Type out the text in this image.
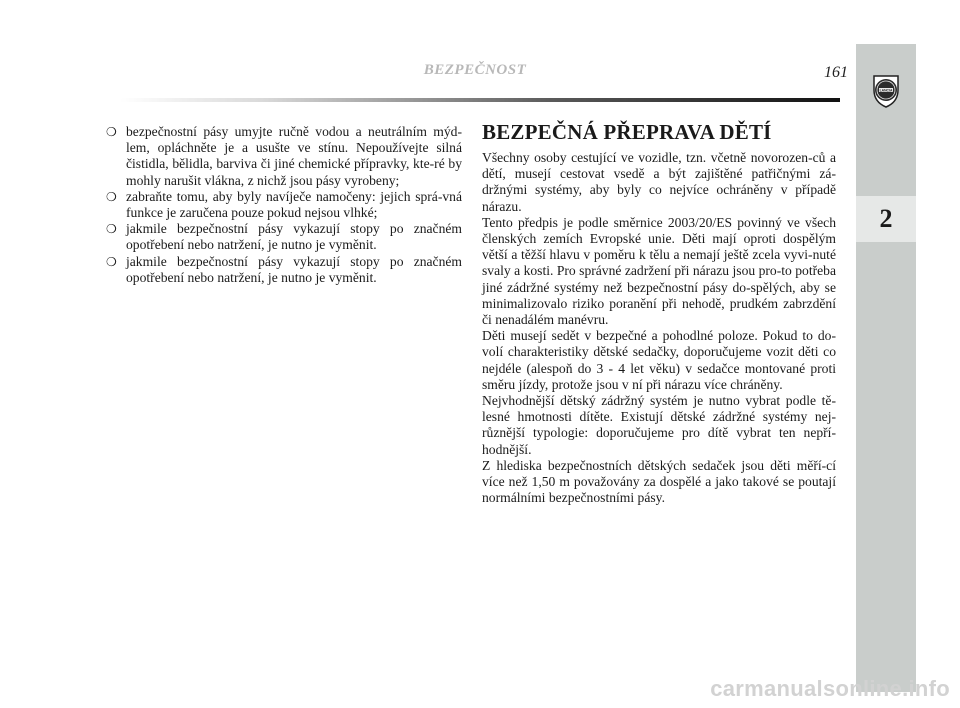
BEZPEČNOST	161
LANCIA
2
❍ bezpečnostní pásy umyjte ručně vodou a neutrálním mýd-lem, opláchněte je a usušte ve stínu. Nepoužívejte silná čistidla, bělidla, barviva či jiné chemické přípravky, kte-ré by mohly narušit vlákna, z nichž jsou pásy vyrobeny;
❍ zabraňte tomu, aby byly navíječe namočeny: jejich sprá-vná funkce je zaručena pouze pokud nejsou vlhké;
❍ jakmile bezpečnostní pásy vykazují stopy po značném opotřebení nebo natržení, je nutno je vyměnit.
❍ jakmile bezpečnostní pásy vykazují stopy po značném opotřebení nebo natržení, je nutno je vyměnit.
BEZPEČNÁ PŘEPRAVA DĚTÍ

Všechny osoby cestující ve vozidle, tzn. včetně novorozen-ců a dětí, musejí cestovat vsedě a být zajištěné patřičnými zá-držnými systémy, aby byly co nejvíce ochráněny v případě nárazu.

Tento předpis je podle směrnice 2003/20/ES povinný ve všech členských zemích Evropské unie. Děti mají oproti dospělým větší a těžší hlavu v poměru k tělu a nemají ještě zcela vyvi-nuté svaly a kosti. Pro správné zadržení při nárazu jsou pro-to potřeba jiné zádržné systémy než bezpečnostní pásy do-spělých, aby se minimalizovalo riziko poranění při nehodě, prudkém zabrzdění či nenadálém manévru.

Děti musejí sedět v bezpečné a pohodlné poloze. Pokud to do-volí charakteristiky dětské sedačky, doporučujeme vozit děti co nejdéle (alespoň do 3 - 4 let věku) v sedačce montované proti směru jízdy, protože jsou v ní při nárazu více chráněny.

Nejvhodnější dětský zádržný systém je nutno vybrat podle tě-lesné hmotnosti dítěte. Existují dětské zádržné systémy nej-různější typologie: doporučujeme pro dítě vybrat ten nepří-hodnější.

Z hlediska bezpečnostních dětských sedaček jsou děti měří-cí více než 1,50 m považovány za dospělé a jako takové se poutají normálními bezpečnostními pásy.

carmanualsonline.info
